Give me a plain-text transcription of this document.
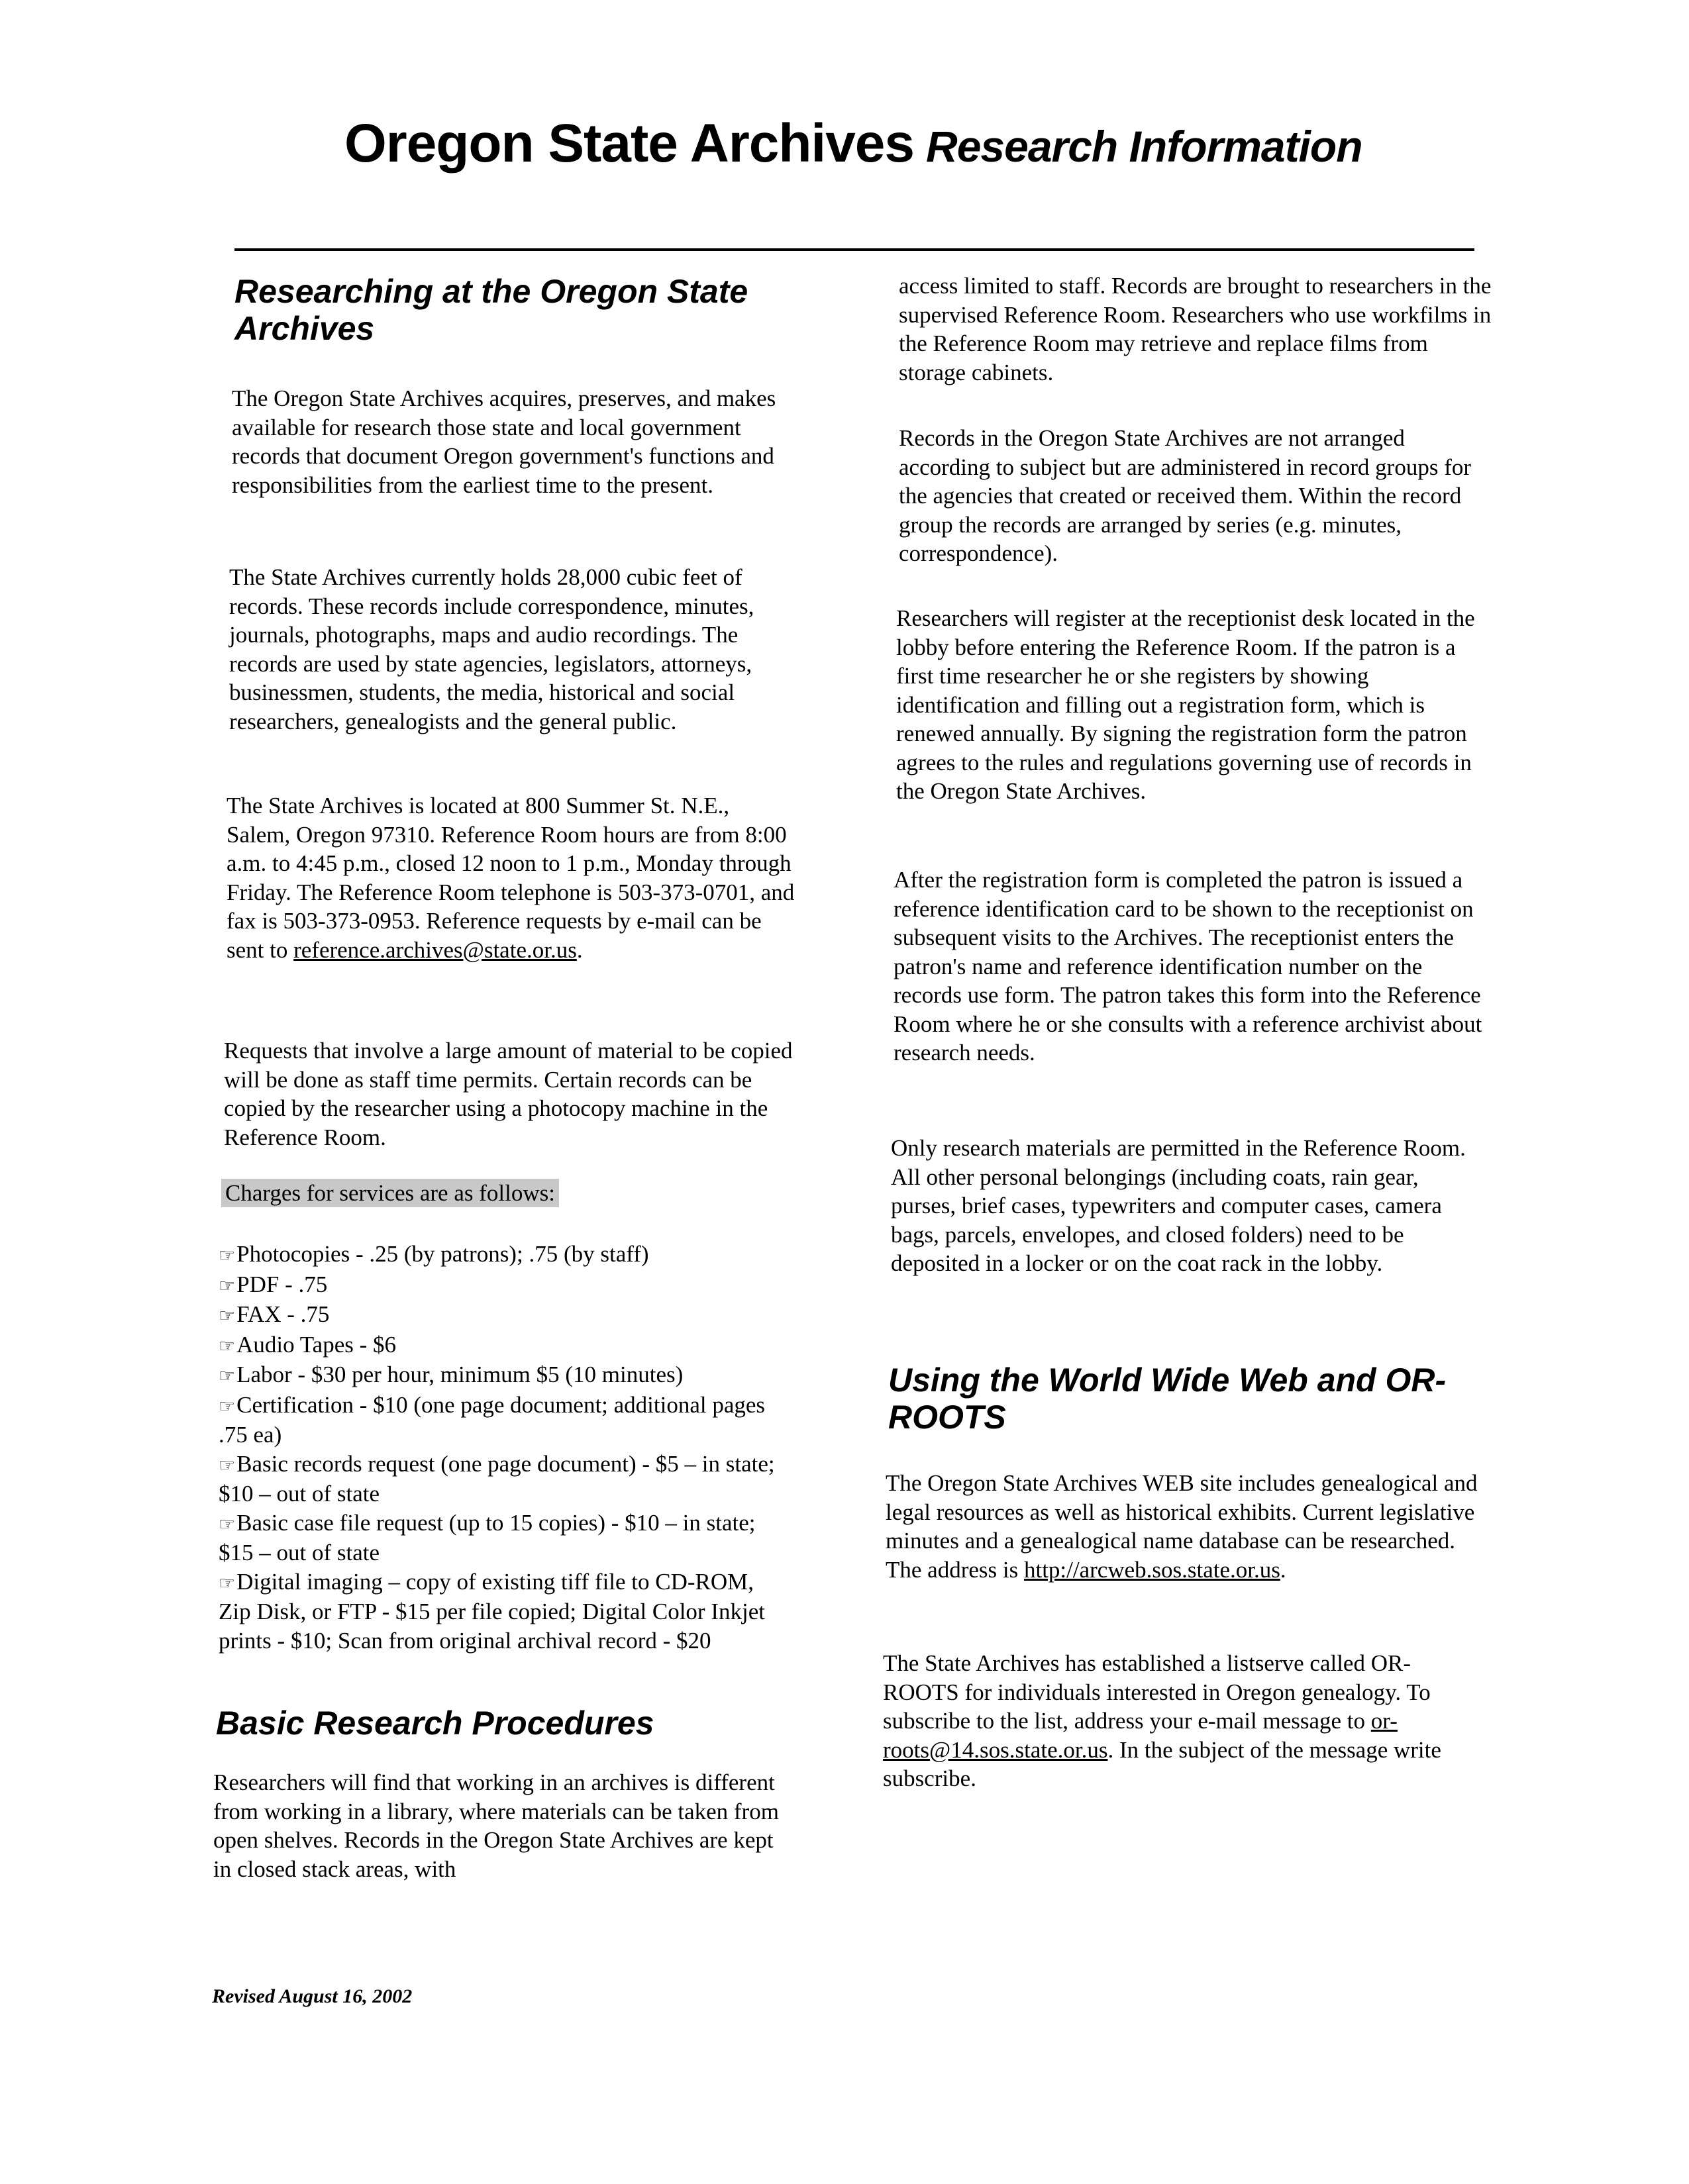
Oregon State Archives Research Information
Researching at the Oregon State Archives
The Oregon State Archives acquires, preserves, and makes available for research those state and local government records that document Oregon government's functions and responsibilities from the earliest time to the present.
The State Archives currently holds 28,000 cubic feet of records. These records include correspondence, minutes, journals, photographs, maps and audio recordings. The records are used by state agencies, legislators, attorneys, businessmen, students, the media, historical and social researchers, genealogists and the general public.
The State Archives is located at 800 Summer St. N.E., Salem, Oregon 97310. Reference Room hours are from 8:00 a.m. to 4:45 p.m., closed 12 noon to 1 p.m., Monday through Friday. The Reference Room telephone is 503-373-0701, and fax is 503-373-0953. Reference requests by e-mail can be sent to reference.archives@state.or.us.
Requests that involve a large amount of material to be copied will be done as staff time permits. Certain records can be copied by the researcher using a photocopy machine in the Reference Room.
Charges for services are as follows:
☞Photocopies - .25 (by patrons); .75 (by staff)
☞PDF - .75
☞FAX - .75
☞Audio Tapes - $6
☞Labor - $30 per hour, minimum $5 (10 minutes)
☞Certification - $10 (one page document; additional pages .75 ea)
☞Basic records request (one page document) - $5 – in state; $10 – out of state
☞Basic case file request (up to 15 copies) - $10 – in state; $15 – out of state
☞Digital imaging – copy of existing tiff file to CD-ROM, Zip Disk, or FTP - $15 per file copied; Digital Color Inkjet prints - $10; Scan from original archival record - $20
Basic Research Procedures
Researchers will find that working in an archives is different from working in a library, where materials can be taken from open shelves. Records in the Oregon State Archives are kept in closed stack areas, with
access limited to staff. Records are brought to researchers in the supervised Reference Room. Researchers who use workfilms in the Reference Room may retrieve and replace films from storage cabinets.
Records in the Oregon State Archives are not arranged according to subject but are administered in record groups for the agencies that created or received them. Within the record group the records are arranged by series (e.g. minutes, correspondence).
Researchers will register at the receptionist desk located in the lobby before entering the Reference Room. If the patron is a first time researcher he or she registers by showing identification and filling out a registration form, which is renewed annually. By signing the registration form the patron agrees to the rules and regulations governing use of records in the Oregon State Archives.
After the registration form is completed the patron is issued a reference identification card to be shown to the receptionist on subsequent visits to the Archives. The receptionist enters the patron's name and reference identification number on the records use form. The patron takes this form into the Reference Room where he or she consults with a reference archivist about research needs.
Only research materials are permitted in the Reference Room. All other personal belongings (including coats, rain gear, purses, brief cases, typewriters and computer cases, camera bags, parcels, envelopes, and closed folders) need to be deposited in a locker or on the coat rack in the lobby.
Using the World Wide Web and OR-ROOTS
The Oregon State Archives WEB site includes genealogical and legal resources as well as historical exhibits. Current legislative minutes and a genealogical name database can be researched. The address is http://arcweb.sos.state.or.us.
The State Archives has established a listserve called OR-ROOTS for individuals interested in Oregon genealogy. To subscribe to the list, address your e-mail message to or-roots@14.sos.state.or.us. In the subject of the message write subscribe.
Revised August 16, 2002
